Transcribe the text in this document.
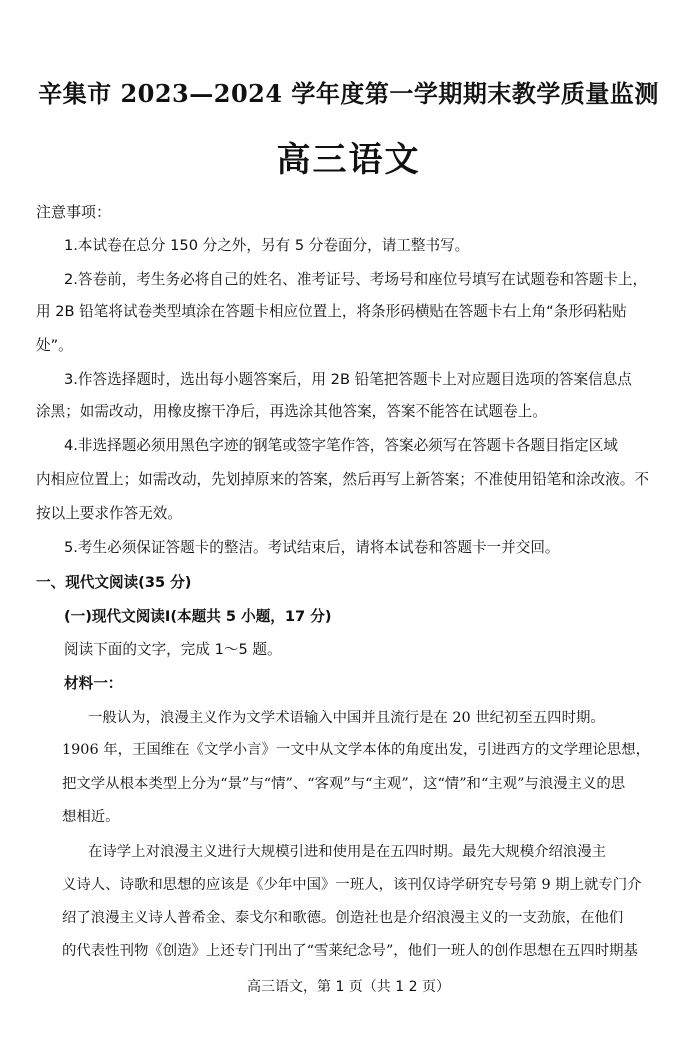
辛集市 2023—2024 学年度第一学期期末教学质量监测
高三语文
注意事项：
1.本试卷在总分 150 分之外，另有 5 分卷面分，请工整书写。
2.答卷前，考生务必将自己的姓名、准考证号、考场号和座位号填写在试题卷和答题卡上，
用 2B 铅笔将试卷类型填涂在答题卡相应位置上，将条形码横贴在答题卡右上角“条形码粘贴
处”。
3.作答选择题时，选出每小题答案后，用 2B 铅笔把答题卡上对应题目选项的答案信息点
涂黑；如需改动，用橡皮擦干净后，再选涂其他答案，答案不能答在试题卷上。
4.非选择题必须用黑色字迹的钢笔或签字笔作答，答案必须写在答题卡各题目指定区域
内相应位置上；如需改动，先划掉原来的答案，然后再写上新答案；不准使用铅笔和涂改液。不
按以上要求作答无效。
5.考生必须保证答题卡的整洁。考试结束后，请将本试卷和答题卡一并交回。
一、现代文阅读(35 分)
(一)现代文阅读Ⅰ(本题共 5 小题，17 分)
阅读下面的文字，完成 1～5 题。
材料一：
一般认为，浪漫主义作为文学术语输入中国并且流行是在 20 世纪初至五四时期。
1906 年，王国维在《文学小言》一文中从文学本体的角度出发，引进西方的文学理论思想，
把文学从根本类型上分为“景”与“情”、“客观”与“主观”，这“情”和“主观”与浪漫主义的思
想相近。
在诗学上对浪漫主义进行大规模引进和使用是在五四时期。最先大规模介绍浪漫主
义诗人、诗歌和思想的应该是《少年中国》一班人，该刊仅诗学研究专号第 9 期上就专门介
绍了浪漫主义诗人普希金、泰戈尔和歌德。创造社也是介绍浪漫主义的一支劲旅，在他们
的代表性刊物《创造》上还专门刊出了“雪莱纪念号”，他们一班人的创作思想在五四时期基
高三语文，第 1 页（共 1 2 页）
